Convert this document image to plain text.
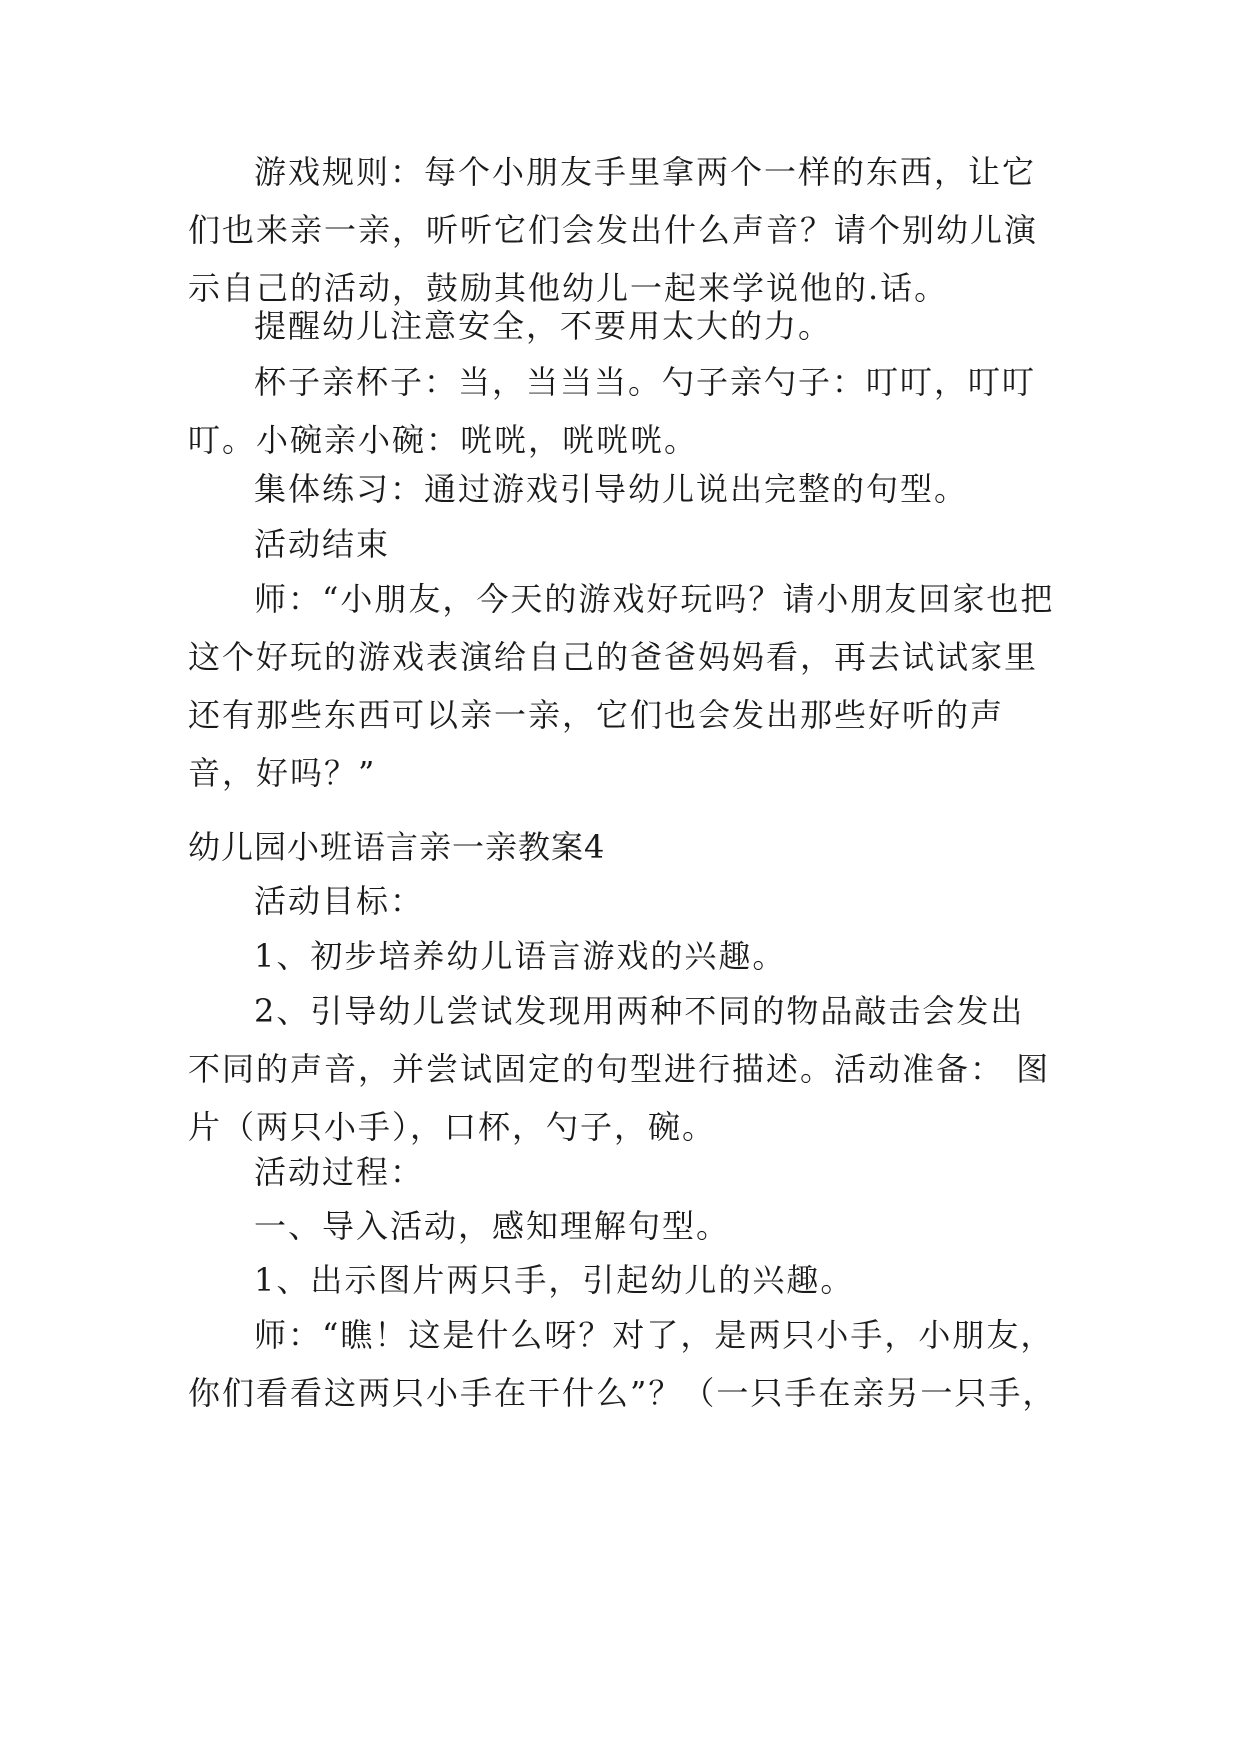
游戏规则：每个小朋友手里拿两个一样的东西，让它们也来亲一亲，听听它们会发出什么声音？请个别幼儿演示自己的活动，鼓励其他幼儿一起来学说他的.话。

提醒幼儿注意安全，不要用太大的力。

杯子亲杯子：当，当当当。勺子亲勺子：叮叮，叮叮叮。小碗亲小碗：咣咣，咣咣咣。

集体练习：通过游戏引导幼儿说出完整的句型。

活动结束

师：“小朋友，今天的游戏好玩吗？请小朋友回家也把这个好玩的游戏表演给自己的爸爸妈妈看，再去试试家里还有那些东西可以亲一亲，它们也会发出那些好听的声音，好吗？”

幼儿园小班语言亲一亲教案4

活动目标：

1、初步培养幼儿语言游戏的兴趣。

2、引导幼儿尝试发现用两种不同的物品敲击会发出不同的声音，并尝试固定的句型进行描述。活动准备： 图片（两只小手），口杯，勺子，碗。

活动过程：

一、导入活动，感知理解句型。

1、出示图片两只手，引起幼儿的兴趣。

师：“瞧！这是什么呀？对了，是两只小手，小朋友，你们看看这两只小手在干什么”？（一只手在亲另一只手，
